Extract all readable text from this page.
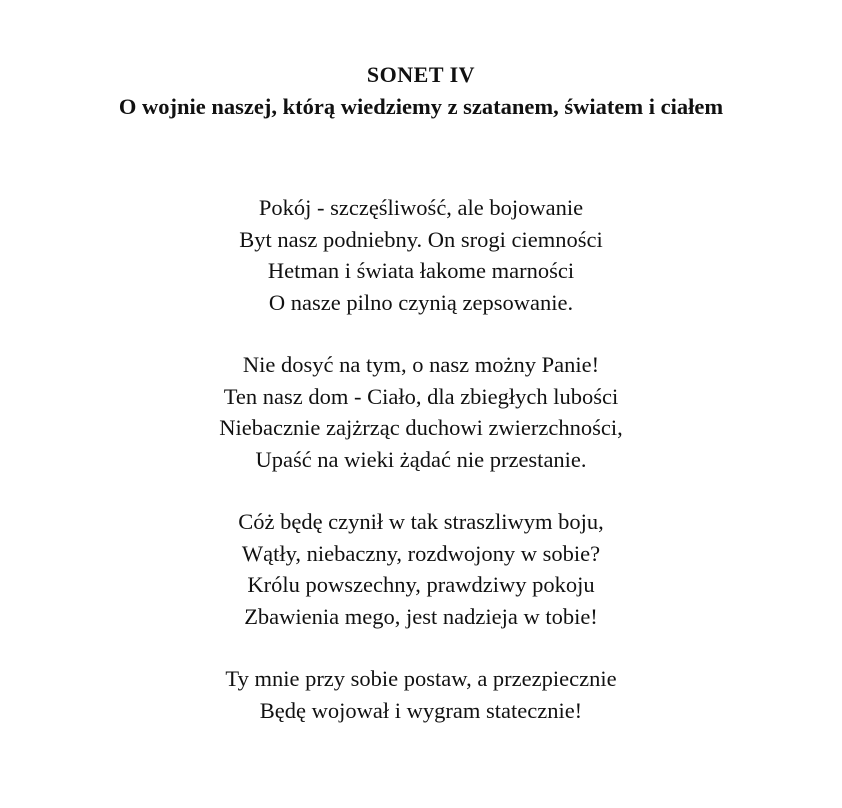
SONET IV
O wojnie naszej, którą wiedziemy z szatanem, światem i ciałem

Pokój - szczęśliwość, ale bojowanie
Byt nasz podniebny. On srogi ciemności
Hetman i świata łakome marności
O nasze pilno czynią zepsowanie.

Nie dosyć na tym, o nasz możny Panie!
Ten nasz dom - Ciało, dla zbiegłych lubości
Niebacznie zajżrząc duchowi zwierzchności,
Upaść na wieki żądać nie przestanie.

Cóż będę czynił w tak straszliwym boju,
Wątły, niebaczny, rozdwojony w sobie?
Królu powszechny, prawdziwy pokoju
Zbawienia mego, jest nadzieja w tobie!

Ty mnie przy sobie postaw, a przezpiecznie
Będę wojował i wygram statecznie!
